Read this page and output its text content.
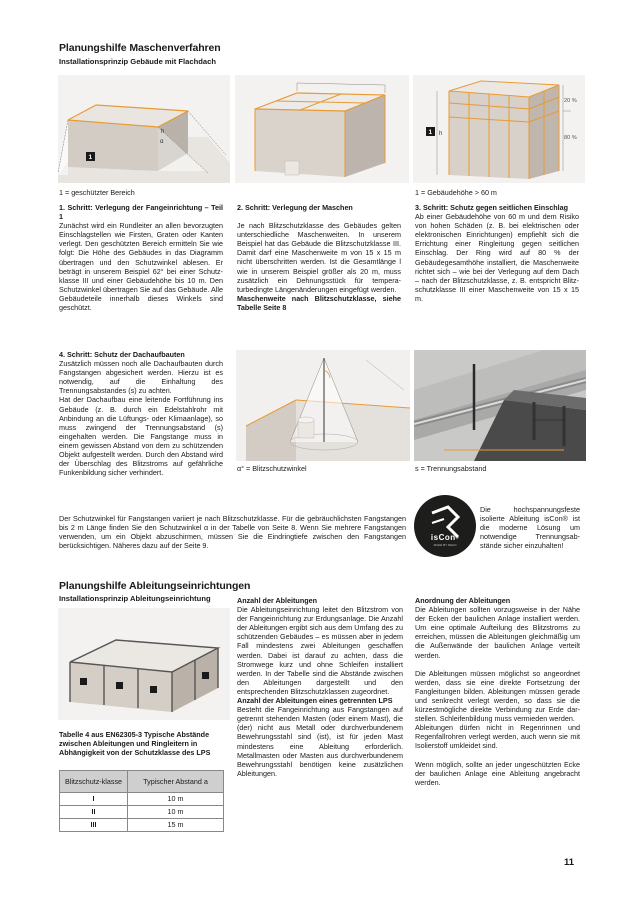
Planungshilfe Maschenverfahren
Installationsprinzip Gebäude mit Flachdach
α
h
1
20 %
80 %
h
1
1 = geschützter Bereich

1. Schritt: Verlegung der Fangeinrichtung – Teil 1

Zunächst wird ein Rundleiter an allen bevorzugten Einschlagstellen wie Firsten, Graten oder Kanten verlegt. Den geschützten Bereich ermitteln Sie wie folgt: Die Höhe des Gebäudes in das Diagramm übertragen und den Schutzwinkel ablesen. Er beträgt in unserem Beispiel 62° bei einer Schutzklasse III und einer Gebäudehöhe bis 10 m. Den Schutzwinkel übertragen Sie auf das Gebäude. Alle Gebäudeteile innerhalb dieses Winkels sind geschützt.

2. Schritt: Verlegung der Maschen

Je nach Blitzschutzklasse des Gebäudes gelten unterschiedliche Maschenweiten. In unserem Beispiel hat das Gebäude die Blitzschutzklasse III. Damit darf eine Maschenweite m von 15 x 15 m nicht überschritten werden. Ist die Gesamtlänge l wie in unserem Beispiel größer als 20 m, muss zusätzlich ein Dehnungsstück für temperaturbedingte Längenänderungen eingefügt werden.

Maschenweite nach Blitzschutzklasse, siehe Tabelle Seite 8

1 = Gebäudehöhe > 60 m

3. Schritt: Schutz gegen seitlichen Einschlag

Ab einer Gebäudehöhe von 60 m und dem Risiko von hohen Schäden (z. B. bei elektrischen oder elektronischen Einrichtungen) empfiehlt sich die Errichtung einer Ringleitung gegen seitlichen Einschlag. Der Ring wird auf 80 % der Gebäudegesamthöhe installiert, die Maschenweite richtet sich – wie bei der Verlegung auf dem Dach – nach der Blitzschutzklasse, z. B. entspricht Blitzschutzklasse III einer Maschenweite von 15 x 15 m.

4. Schritt: Schutz der Dachaufbauten

Zusätzlich müssen noch alle Dachaufbauten durch Fangstangen abgesichert werden. Hierzu ist es notwendig, auf die Einhaltung des Trennungsabstandes (s) zu achten.

Hat der Dachaufbau eine leitende Fortführung ins Gebäude (z. B. durch ein Edelstahlrohr mit Anbindung an die Lüftungs- oder Klimaanlage), so muss zwingend der Trennungsabstand (s) eingehalten werden. Die Fangstange muss in einem gewissen Abstand von dem zu schützenden Objekt aufgestellt werden. Durch den Abstand wird der Überschlag des Blitzstroms auf gefährliche Funkenbildung sicher verhindert.	α° = Blitzschutzwinkel	s = Trennungsabstand
Der Schutzwinkel für Fangstangen variiert je nach Blitzschutzklasse. Für die gebräuchlichsten Fangstangen bis 2 m Länge finden Sie den Schutzwinkel α in der Tabelle von Seite 8. Wenn Sie mehrere Fangstangen verwenden, um ein Objekt abzuschirmen, müssen Sie die Eindringtiefe zwischen den Fangstangen berücksichtigen. Näheres dazu auf der Seite 9.
isCon®
MADE BY DEHN
Die hochspannungsfeste isolierte Ableitung isCon® ist die moderne Lösung um notwendige Trennungsabstände sicher einzuhalten!
Planungshilfe Ableitungseinrichtungen
Installationsprinzip Ableitungseinrichtung
Tabelle 4 aus EN62305-3 Typische Abstände zwischen Ableitungen und Ringleitern in Abhängigkeit von der Schutzklasse des LPS
Blitzschutz-klasse	Typischer Abstand a
I	10 m
II	10 m
III	15 m

Anzahl der Ableitungen

Die Ableitungseinrichtung leitet den Blitzstrom von der Fangeinrichtung zur Erdungsanlage. Die Anzahl der Ableitungen ergibt sich aus dem Umfang des zu schützenden Gebäudes – es müssen aber in jedem Fall mindestens zwei Ableitungen geschaffen werden. Dabei ist darauf zu achten, dass die Stromwege kurz und ohne Schleifen installiert werden. In der Tabelle sind die Abstände zwischen den Ableitungen dargestellt und den entsprechenden Blitzschutzklassen zugeordnet.

Anzahl der Ableitungen eines getrennten LPS

Besteht die Fangeinrichtung aus Fangstangen auf getrennt stehenden Masten (oder einem Mast), die (der) nicht aus Metall oder durchverbundenem Bewehrungsstahl sind (ist), ist für jeden Mast mindestens eine Ableitung erforderlich. Metallmasten oder Masten aus durchverbundenem Bewehrungsstahl benötigen keine zusätzlichen Ableitungen.

Anordnung der Ableitungen

Die Ableitungen sollten vorzugsweise in der Nähe der Ecken der baulichen Anlage installiert werden. Um eine optimale Aufteilung des Blitzstroms zu erreichen, müssen die Ableitungen gleichmäßig um die Außenwände der baulichen Anlage verteilt werden.

Die Ableitungen müssen möglichst so angeordnet werden, dass sie eine direkte Fortsetzung der Fangleitungen bilden. Ableitungen müssen gerade und senkrecht verlegt werden, so dass sie die kürzestmögliche direkte Verbindung zur Erde darstellen. Schleifenbildung muss vermieden werden.

Ableitungen dürfen nicht in Regenrinnen und Regenfallrohren verlegt werden, auch wenn sie mit Isolierstoff umkleidet sind.

Wenn möglich, sollte an jeder ungeschützten Ecke der baulichen Anlage eine Ableitung angebracht werden.

11
